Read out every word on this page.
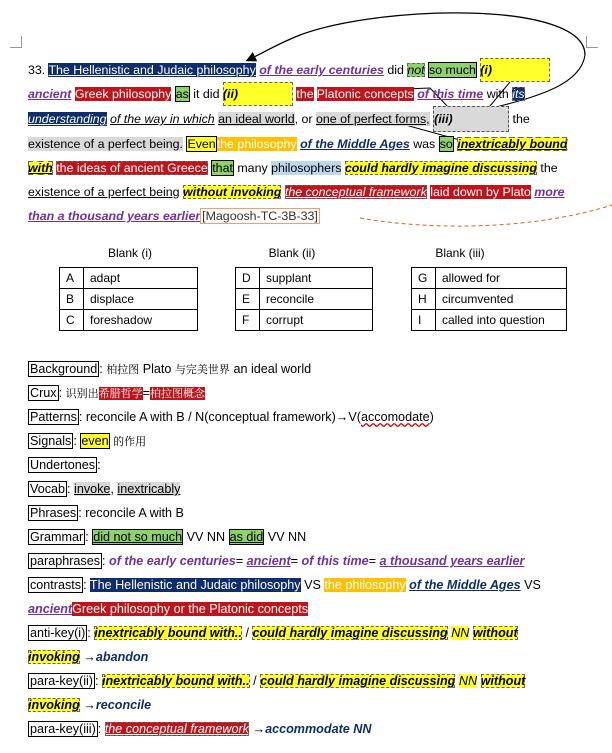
33. The Hellenistic and Judaic philosophy of the early centuries did not so much (i) ancient Greek philosophy as it did (ii)	the Platonic concepts of this time with its understanding of the way in which an ideal world, or one of perfect forms, (iii)	the existence of a perfect being. Eventhe philosophy of the Middle Ages was so inextricably bound with the ideas of ancient Greece that many philosophers could hardly imagine discussing the existence of a perfect being without invoking the conceptual framework laid down by Plato more than a thousand years earlier [Magoosh-TC-3B-33]
Blank (i)	Blank (ii)	Blank (iii)
A	adapt
B	displace
C	foreshadow
D	supplant
E	reconcile
F	corrupt
G	allowed for
H	circumvented
I	called into question
Background : 柏拉图 Plato 与完美世界 an ideal world
Crux : 识别出希腊哲学=柏拉图概念
Patterns : reconcile A with B / N(conceptual framework)→V(accomodate)
Signals : even 的作用
Undertones :
Vocab : invoke, inextricably
Phrases : reconcile A with B
Grammar : did not so much VV NN as did VV NN
paraphrases : of the early centuries= ancient= of this time= a thousand years earlier
contrasts : The Hellenistic and Judaic philosophy VS the philosophy of the Middle Ages VS
ancientGreek philosophy or the Platonic concepts
anti-key(i) : inextricably bound with.. / could hardly imagine discussing NN without
invoking →abandon
para-key(ii) : inextricably bound with.. / could hardly imagine discussing NN without
invoking →reconcile
para-key(iii) : the conceptual framework →accommodate NN
